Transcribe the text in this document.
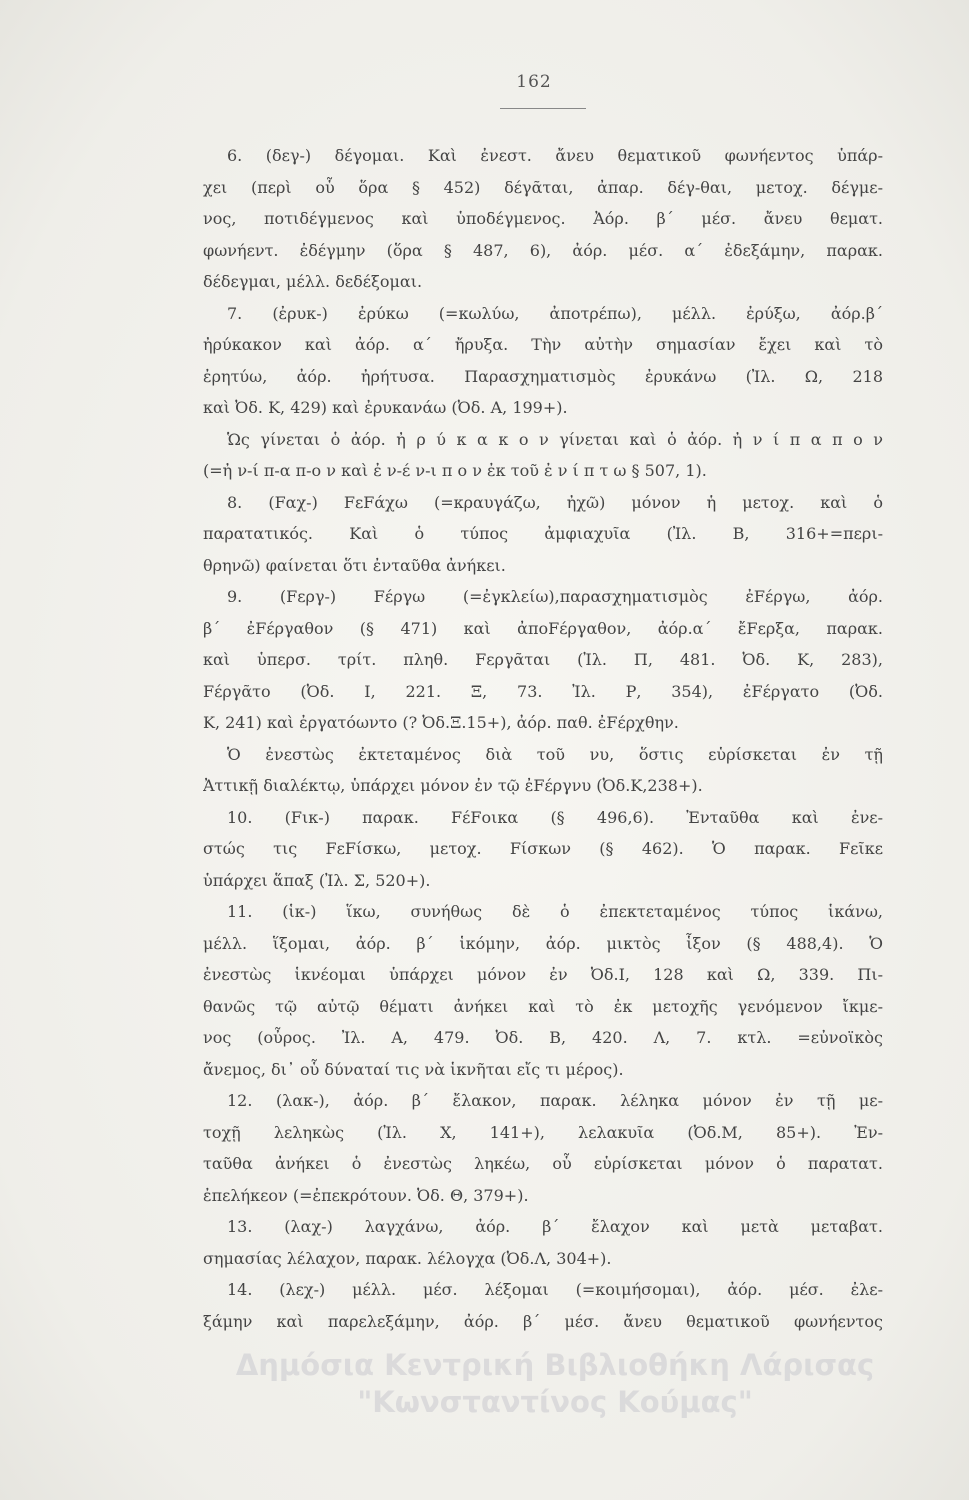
162
6. (δεγ-) δέγομαι. Καὶ ἐνεστ. ἄνευ θεματικοῦ φωνήεντος ὑπάρ-
χει (περὶ οὗ ὅρα § 452) δέγᾶται, ἀπαρ. δέγ-θαι, μετοχ. δέγμε-
νος, ποτιδέγμενος καὶ ὑποδέγμενος. Ἀόρ. β΄ μέσ. ἄνευ θεματ.
φωνήεντ. ἐδέγμην (ὅρα § 487, 6), ἀόρ. μέσ. α΄ ἐδεξάμην, παρακ.
δέδεγμαι, μέλλ. δεδέξομαι.
7. (ἐρυκ-) ἐρύκω (=κωλύω, ἀποτρέπω), μέλλ. ἐρύξω, ἀόρ.β΄
ἠρύκακον καὶ ἀόρ. α΄ ἤρυξα. Τὴν αὐτὴν σημασίαν ἔχει καὶ τὸ
ἐρητύω, ἀόρ. ἠρήτυσα. Παρασχηματισμὸς ἐρυκάνω (Ἰλ. Ω, 218
καὶ Ὀδ. Κ, 429) καὶ ἐρυκανάω (Ὀδ. Α, 199+).
Ὡς γίνεται ὁ ἀόρ. ἠ ρ ύ κ α κ ο ν γίνεται καὶ ὁ ἀόρ. ἠ ν ί π α π ο ν
(=ἠ ν-ί π-α π-ο ν καὶ ἐ ν-έ ν-ι π ο ν ἐκ τοῦ ἐ ν ί π τ ω § 507, 1).
8. (Fαχ-) FεFάχω (=κραυγάζω, ἠχῶ) μόνον ἡ μετοχ. καὶ ὁ
παρατατικός. Καὶ ὁ τύπος ἀμφιαχυῖα (Ἰλ. Β, 316+=περι-
θρηνῶ) φαίνεται ὅτι ἐνταῦθα ἀνήκει.
9. (Fεργ-) Fέργω (=ἐγκλείω),παρασχηματισμὸς ἐFέργω, ἀόρ.
β΄ ἐFέργαθον (§ 471) καὶ ἀποFέργαθον, ἀόρ.α΄ ἔFερξα, παρακ.
καὶ ὑπερσ. τρίτ. πληθ. Fεργᾶται (Ἰλ. Π, 481. Ὀδ. Κ, 283),
Fέργᾶτο (Ὀδ. Ι, 221. Ξ, 73. Ἰλ. Ρ, 354), ἐFέργατο (Ὀδ.
Κ, 241) καὶ ἐργατόωντο (? Ὀδ.Ξ.15+), ἀόρ. παθ. ἐFέρχθην.
Ὁ ἐνεστὼς ἐκτεταμένος διὰ τοῦ νυ, ὅστις εὑρίσκεται ἐν τῇ
Ἀττικῇ διαλέκτῳ, ὑπάρχει μόνον ἐν τῷ ἐFέργνυ (Ὀδ.Κ,238+).
10. (Fικ-) παρακ. FέFοικα (§ 496,6). Ἐνταῦθα καὶ ἐνε-
στώς τις FεFίσκω, μετοχ. Fίσκων (§ 462). Ὁ παρακ. Fεῖκε
ὑπάρχει ἅπαξ (Ἰλ. Σ, 520+).
11. (ἱκ-) ἵκω, συνήθως δὲ ὁ ἐπεκτεταμένος τύπος ἱκάνω,
μέλλ. ἵξομαι, ἀόρ. β΄ ἱκόμην, ἀόρ. μικτὸς ἷξον (§ 488,4). Ὁ
ἐνεστὼς ἱκνέομαι ὑπάρχει μόνον ἐν Ὀδ.Ι, 128 καὶ Ω, 339. Πι-
θανῶς τῷ αὐτῷ θέματι ἀνήκει καὶ τὸ ἐκ μετοχῆς γενόμενον ἴκμε-
νος (οὖρος. Ἰλ. Α, 479. Ὀδ. Β, 420. Λ, 7. κτλ. =εὐνοϊκὸς
ἄνεμος, δι᾽ οὗ δύναταί τις νὰ ἱκνῆται εἴς τι μέρος).
12. (λακ-), ἀόρ. β΄ ἔλακον, παρακ. λέληκα μόνον ἐν τῇ με-
τοχῇ λεληκὼς (Ἰλ. Χ, 141+), λελακυῖα (Ὀδ.Μ, 85+). Ἐν-
ταῦθα ἀνήκει ὁ ἐνεστὼς ληκέω, οὗ εὑρίσκεται μόνον ὁ παρατατ.
ἐπελήκεον (=ἐπεκρότουν. Ὀδ. Θ, 379+).
13. (λαχ-) λαγχάνω, ἀόρ. β΄ ἔλαχον καὶ μετὰ μεταβατ.
σημασίας λέλαχον, παρακ. λέλογχα (Ὀδ.Λ, 304+).
14. (λεχ-) μέλλ. μέσ. λέξομαι (=κοιμήσομαι), ἀόρ. μέσ. ἐλε-
ξάμην καὶ παρελεξάμην, ἀόρ. β΄ μέσ. ἄνευ θεματικοῦ φωνήεντος
Δημόσια Κεντρική Βιβλιοθήκη Λάρισας
"Κωνσταντίνος Κούμας"
